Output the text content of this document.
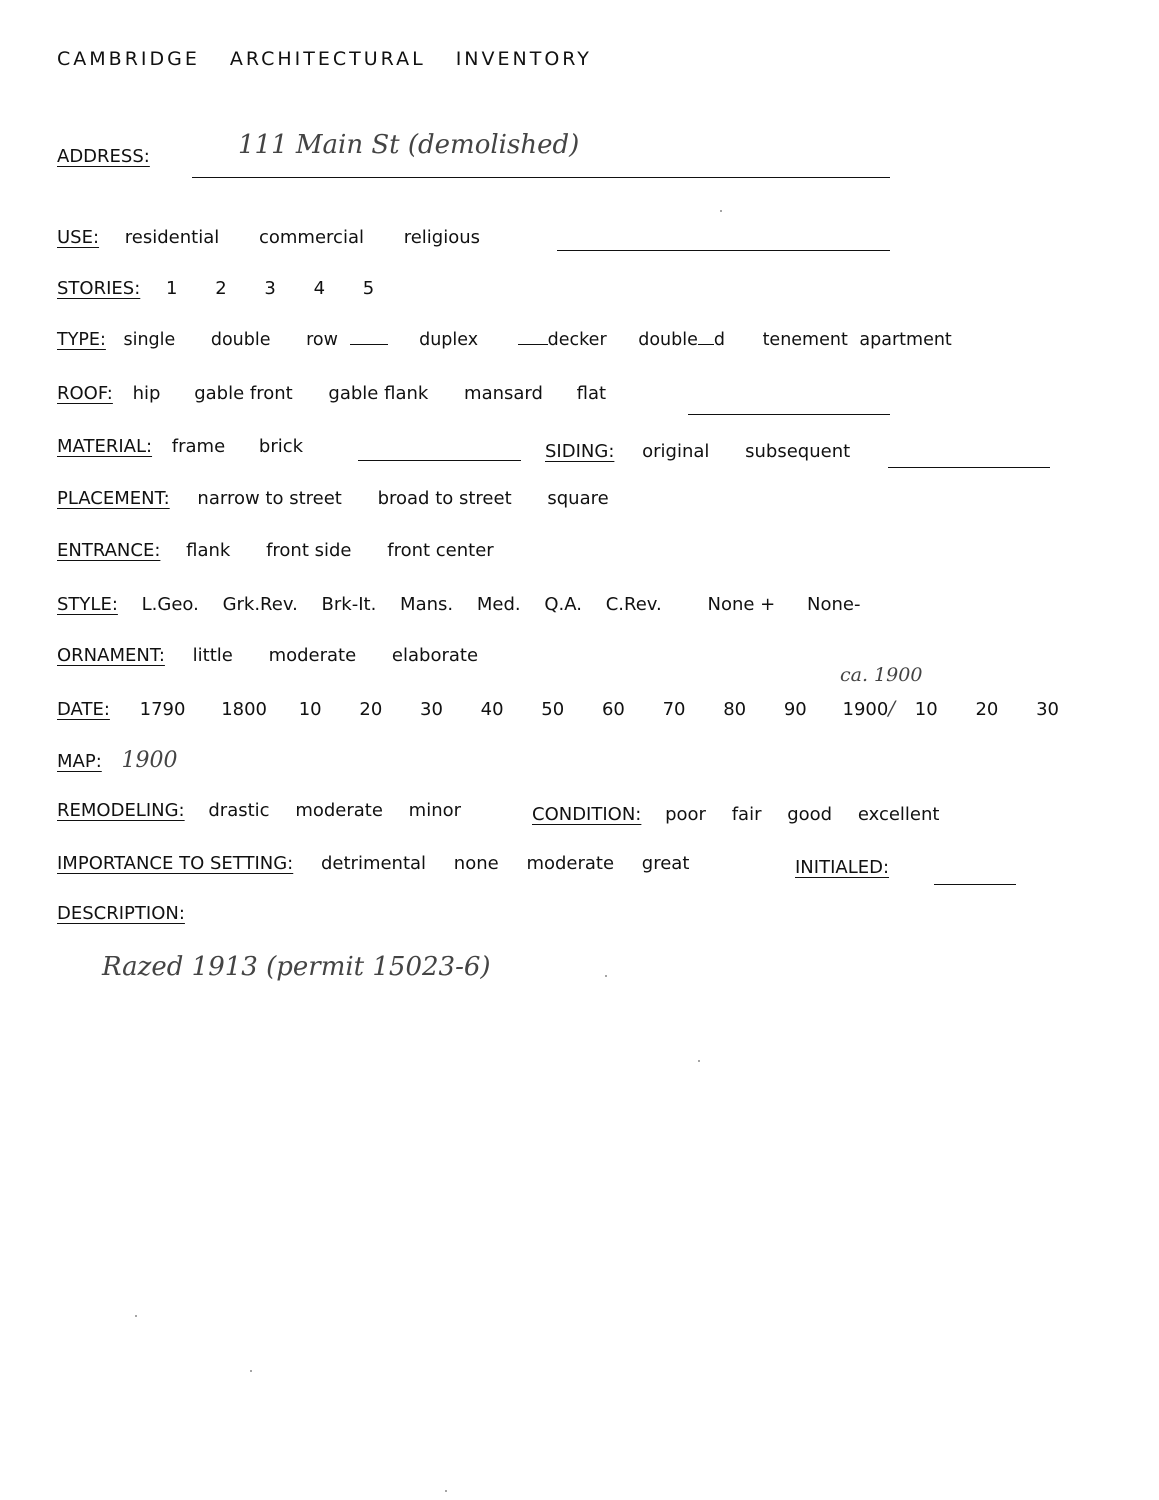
CAMBRIDGE ARCHITECTURAL INVENTORY
ADDRESS:	111 Main St (demolished)
USE: residential commercial religious
STORIES: 1 2 3 4 5
TYPE: single double row	duplex	decker double d tenement apartment
ROOF: hip gable front gable flank mansard flat
MATERIAL: frame brick	SIDING: original subsequent
PLACEMENT: narrow to street broad to street square
ENTRANCE: flank front side front center
STYLE: L.Geo. Grk.Rev. Brk-It. Mans. Med. Q.A. C.Rev.	None + None-
ORNAMENT: little moderate elaborate
ca. 1900
DATE: 1790 1800 10 20 30 40 50 60 70 80 90 1900/ 10 20 30
MAP: 1900
REMODELING: drastic moderate minor	CONDITION: poor fair good excellent
IMPORTANCE TO SETTING: detrimental none moderate great	INITIALED:
DESCRIPTION:
Razed 1913 (permit 15023-6)
